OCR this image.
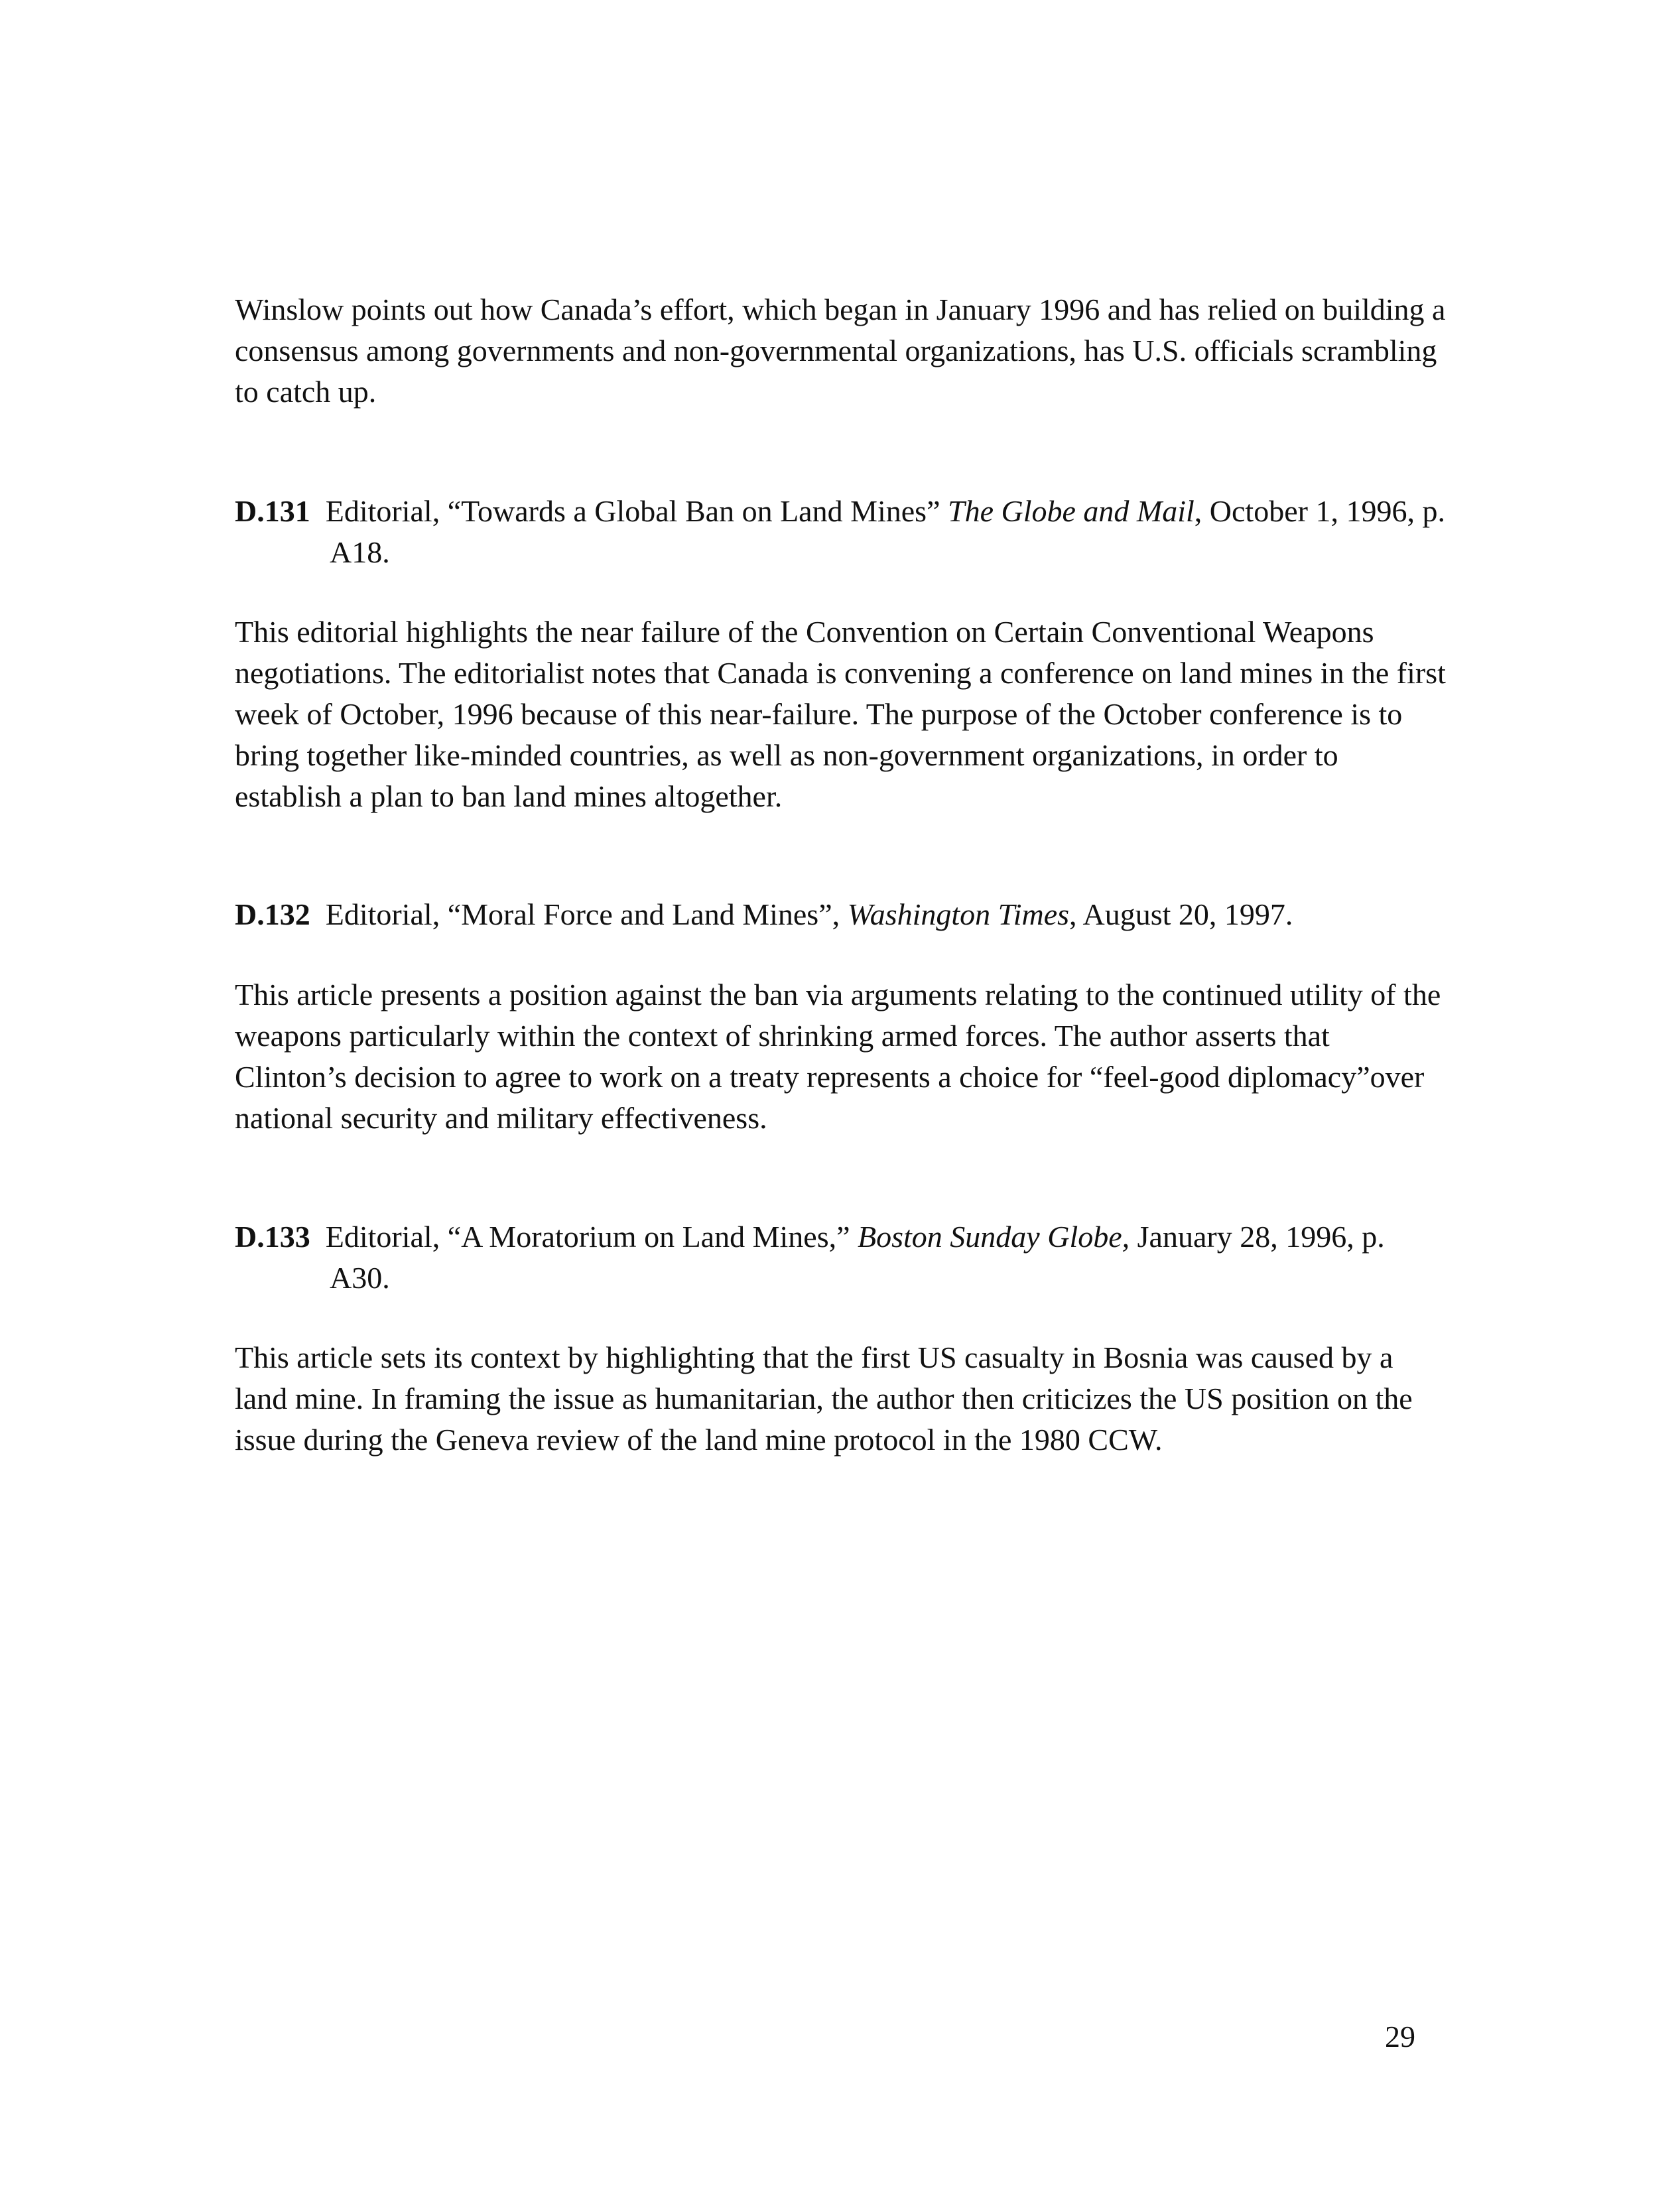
Winslow points out how Canada’s effort, which began in January 1996 and has relied on building a consensus among governments and non-governmental organizations, has U.S. officials scrambling to catch up.

D.131 Editorial, “Towards a Global Ban on Land Mines” The Globe and Mail, October 1, 1996, p. A18.

This editorial highlights the near failure of the Convention on Certain Conventional Weapons negotiations. The editorialist notes that Canada is convening a conference on land mines in the first week of October, 1996 because of this near-failure. The purpose of the October conference is to bring together like-minded countries, as well as non-government organizations, in order to establish a plan to ban land mines altogether.

D.132 Editorial, “Moral Force and Land Mines”, Washington Times, August 20, 1997.

This article presents a position against the ban via arguments relating to the continued utility of the weapons particularly within the context of shrinking armed forces. The author asserts that Clinton’s decision to agree to work on a treaty represents a choice for “feel-good diplomacy”over national security and military effectiveness.

D.133 Editorial, “A Moratorium on Land Mines,” Boston Sunday Globe, January 28, 1996, p. A30.

This article sets its context by highlighting that the first US casualty in Bosnia was caused by a land mine. In framing the issue as humanitarian, the author then criticizes the US position on the issue during the Geneva review of the land mine protocol in the 1980 CCW.

29
